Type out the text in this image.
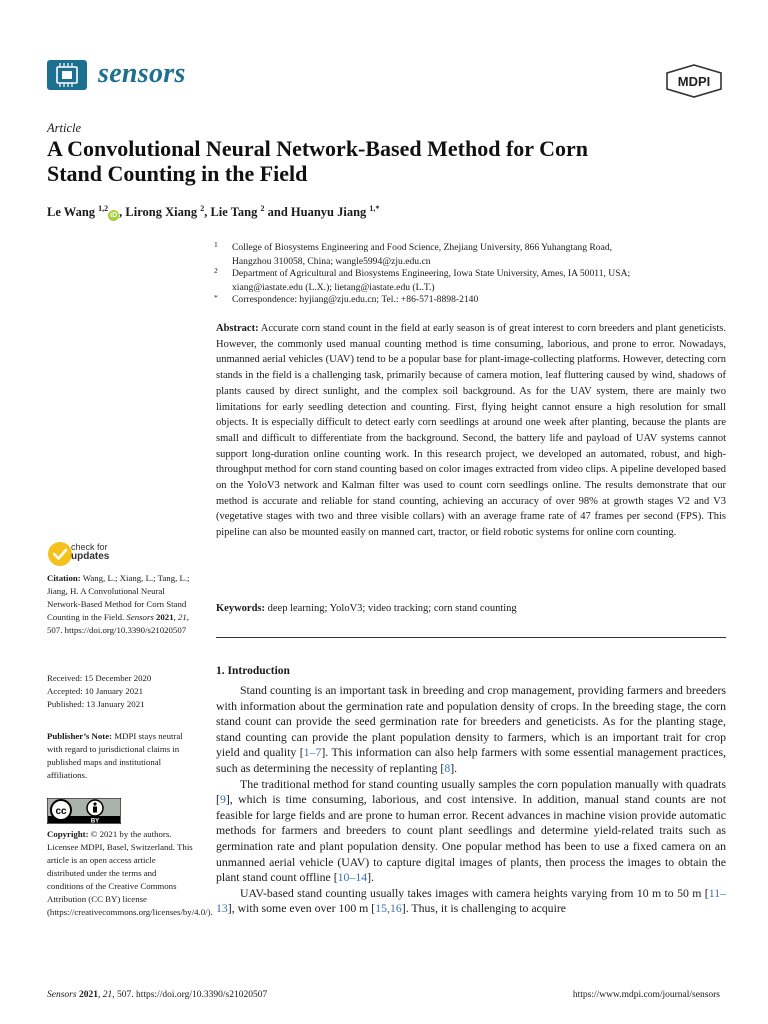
sensors	MDPI
Article
A Convolutional Neural Network-Based Method for Corn
Stand Counting in the Field
Le Wang $^{1,2}$iD , Lirong Xiang $^2$, Lie Tang $^2$ and Huanyu Jiang $^{1,*}$
1 College of Biosystems Engineering and Food Science, Zhejiang University, 866 Yuhangtang Road,
Hangzhou 310058, China; wangle5994@zju.edu.cn
2 Department of Agricultural and Biosystems Engineering, Iowa State University, Ames, IA 50011, USA;
xiang@iastate.edu (L.X.); lietang@iastate.edu (L.T.)
* Correspondence: hyjiang@zju.edu.cn; Tel.: +86-571-8898-2140
Abstract: Accurate corn stand count in the field at early season is of great interest to corn breeders and plant geneticists. However, the commonly used manual counting method is time consuming, laborious, and prone to error. Nowadays, unmanned aerial vehicles (UAV) tend to be a popular base for plant-image-collecting platforms. However, detecting corn stands in the field is a challenging task, primarily because of camera motion, leaf fluttering caused by wind, shadows of plants caused by direct sunlight, and the complex soil background. As for the UAV system, there are mainly two limitations for early seedling detection and counting. First, flying height cannot ensure a high resolution for small objects. It is especially difficult to detect early corn seedlings at around one week after planting, because the plants are small and difficult to differentiate from the background. Second, the battery life and payload of UAV systems cannot support long-duration online counting work. In this research project, we developed an automated, robust, and high-throughput method for corn stand counting based on color images extracted from video clips. A pipeline developed based on the YoloV3 network and Kalman filter was used to count corn seedlings online. The results demonstrate that our method is accurate and reliable for stand counting, achieving an accuracy of over 98% at growth stages V2 and V3 (vegetative stages with two and three visible collars) with an average frame rate of 47 frames per second (FPS). This pipeline can also be mounted easily on manned cart, tractor, or field robotic systems for online corn counting.
Keywords: deep learning; YoloV3; video tracking; corn stand counting
1. Introduction

Stand counting is an important task in breeding and crop management, providing farmers and breeders with information about the germination rate and population density of crops. In the breeding stage, the corn stand count can provide the seed germination rate for breeders and geneticists. As for the planting stage, stand counting can provide the plant population density to farmers, which is an important trait for crop yield and quality [1–7]. This information can also help farmers with some essential management practices, such as determining the necessity of replanting [8].

The traditional method for stand counting usually samples the corn population manually with quadrats [9], which is time consuming, laborious, and cost intensive. In addition, manual stand counts are not feasible for large fields and are prone to human error. Recent advances in machine vision provide automatic methods for farmers and breeders to count plant seedlings and determine yield-related traits such as germination rate and plant population density. One popular method has been to use a fixed camera on an unmanned aerial vehicle (UAV) to capture digital images of plants, then process the images to obtain the plant stand count offline [10–14].

UAV-based stand counting usually takes images with camera heights varying from 10 m to 50 m [11–13], with some even over 100 m [15,16]. Thus, it is challenging to acquire

check for
updates
Citation: Wang, L.; Xiang, L.; Tang, L.; Jiang, H. A Convolutional Neural Network-Based Method for Corn Stand Counting in the Field. Sensors 2021, 21, 507. https://doi.org/10.3390/s21020507
Received: 15 December 2020
Accepted: 10 January 2021
Published: 13 January 2021
Publisher’s Note: MDPI stays neutral with regard to jurisdictional claims in published maps and institutional affiliations.
cc
BY
Copyright: © 2021 by the authors. Licensee MDPI, Basel, Switzerland. This article is an open access article distributed under the terms and conditions of the Creative Commons Attribution (CC BY) license (https://creativecommons.org/licenses/by/4.0/).
Sensors 2021, 21, 507. https://doi.org/10.3390/s21020507	https://www.mdpi.com/journal/sensors
